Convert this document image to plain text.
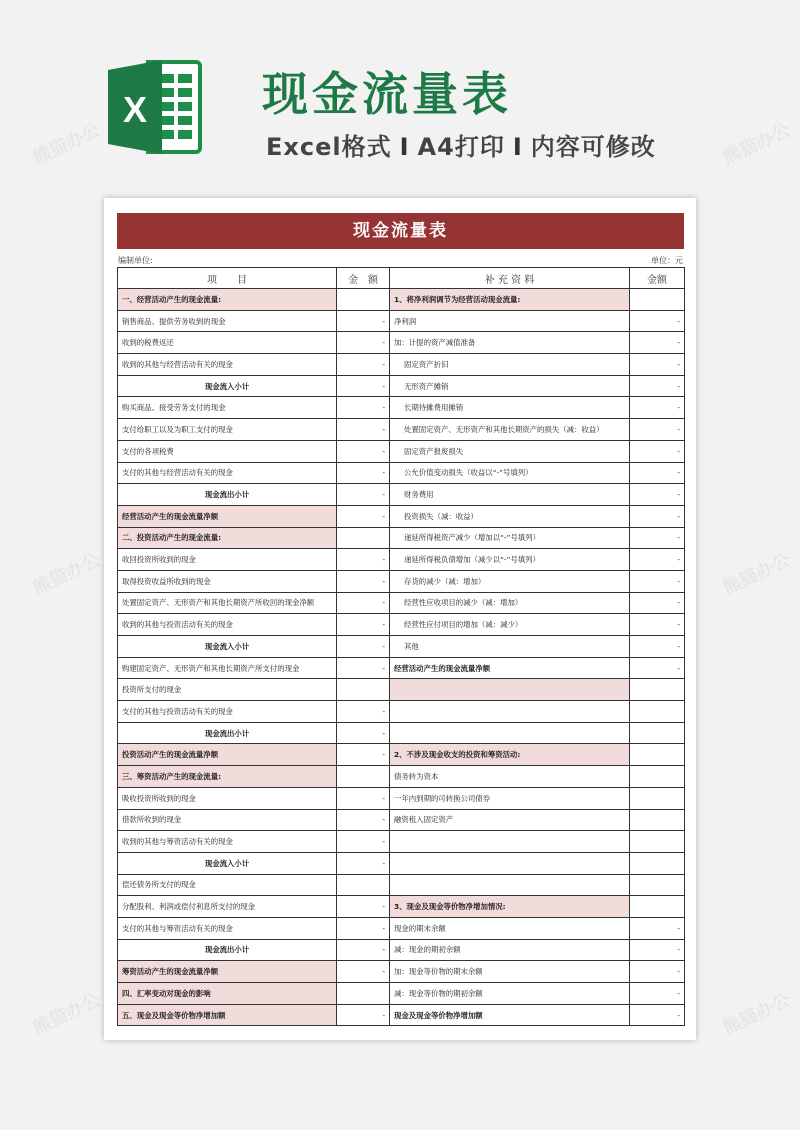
X 现金流量表
Excel格式 I A4打印 I 内容可修改
现金流量表
编制单位:	单位：元
项　　目	金　额	补 充 资 料	金额
一、经营活动产生的现金流量:		1、将净利润调节为经营活动现金流量:	
销售商品、提供劳务收到的现金	-	净利润	-
收到的税费返还	-	加：计提的资产减值准备	-
收到的其他与经营活动有关的现金	-	固定资产折旧	-
现金流入小计	-	无形资产摊销	-
购买商品、接受劳务支付的现金	-	长期待摊费用摊销	-
支付给职工以及为职工支付的现金	-	处置固定资产、无形资产和其他长期资产的损失（减：收益）	-
支付的各项税费	-	固定资产报废损失	-
支付的其他与经营活动有关的现金	-	公允价值变动损失（收益以“-”号填列）	-
现金流出小计	-	财务费用	-
经营活动产生的现金流量净额	-	投资损失（减：收益）	-
二、投资活动产生的现金流量:		递延所得税资产减少（增加以“-”号填列）	-
收回投资所收到的现金	-	递延所得税负债增加（减少以“-”号填列）	-
取得投资收益所收到的现金	-	存货的减少（减：增加）	-
处置固定资产、无形资产和其他长期资产所收回的现金净额	-	经营性应收项目的减少（减：增加）	-
收到的其他与投资活动有关的现金	-	经营性应付项目的增加（减：减少）	-
现金流入小计	-	其他	-
购建固定资产、无形资产和其他长期资产所支付的现金	-	经营活动产生的现金流量净额	-
投资所支付的现金			
支付的其他与投资活动有关的现金	-		
现金流出小计	-		
投资活动产生的现金流量净额	-	2、不涉及现金收支的投资和筹资活动:	
三、筹资活动产生的现金流量:		债务转为资本	
吸收投资所收到的现金	-	一年内到期的可转换公司债券	
借款所收到的现金	-	融资租入固定资产	
收到的其他与筹资活动有关的现金	-		
现金流入小计	-		
偿还债务所支付的现金			
分配股利、利润或偿付利息所支付的现金	-	3、现金及现金等价物净增加情况:	
支付的其他与筹资活动有关的现金	-	现金的期末余额	-
现金流出小计	-	减：现金的期初余额	-
筹资活动产生的现金流量净额	-	加：现金等价物的期末余额	-
四、汇率变动对现金的影响		减：现金等价物的期初余额	-
五、现金及现金等价物净增加额	-	现金及现金等价物净增加额	-
熊猫办公	熊猫办公
熊猫办公	熊猫办公
熊猫办公	熊猫办公
